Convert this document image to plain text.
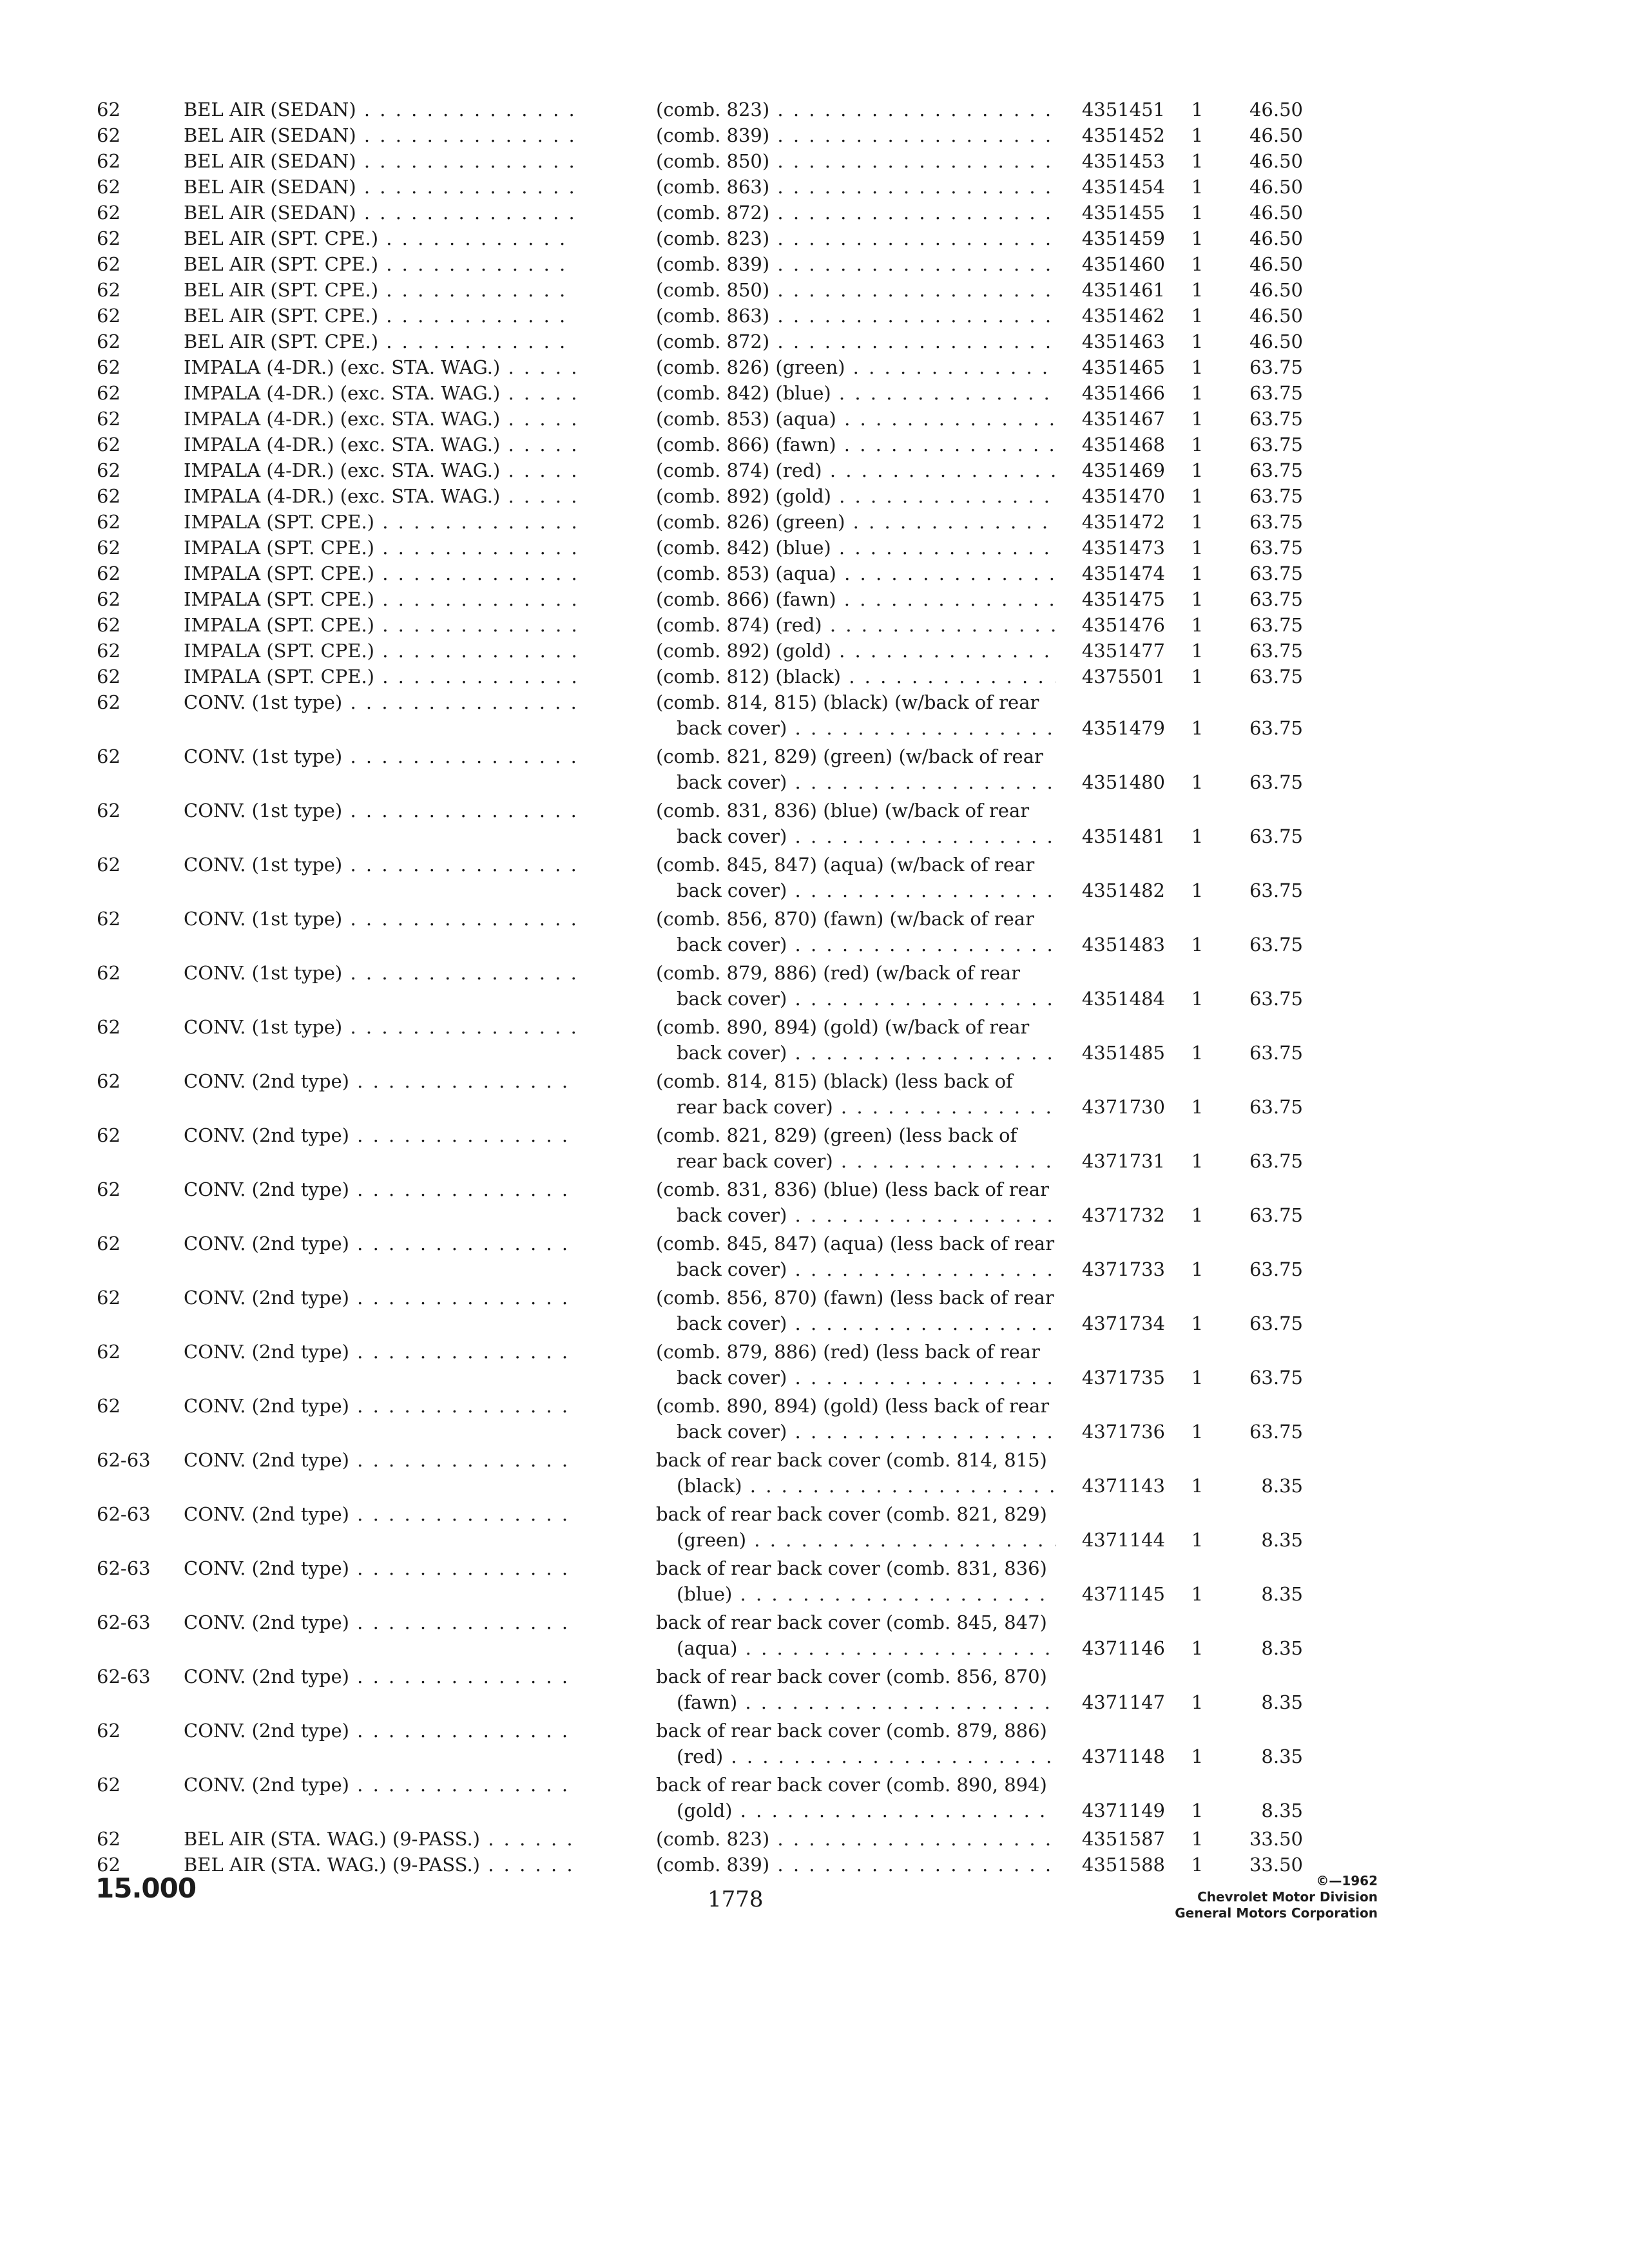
62	BEL AIR (SEDAN) . . .	(comb. 823) . . .	4351451 1	46.50
62	BEL AIR (SEDAN) . . .	(comb. 839) . . .	4351452 1	46.50
62	BEL AIR (SEDAN) . . .	(comb. 850) . . .	4351453 1	46.50
62	BEL AIR (SEDAN) . . .	(comb. 863) . . .	4351454 1	46.50
62	BEL AIR (SEDAN) . . .	(comb. 872) . . .	4351455 1	46.50
62	BEL AIR (SPT. CPE.) . . .	(comb. 823) . . .	4351459 1	46.50
62	BEL AIR (SPT. CPE.) . . .	(comb. 839) . . .	4351460 1	46.50
62	BEL AIR (SPT. CPE.) . . .	(comb. 850) . . .	4351461 1	46.50
62	BEL AIR (SPT. CPE.) . . .	(comb. 863) . . .	4351462 1	46.50
62	BEL AIR (SPT. CPE.) . . .	(comb. 872) . . .	4351463 1	46.50
62	IMPALA (4-DR.) (exc. STA. WAG.) . . .	(comb. 826) (green) . . .	4351465 1	63.75
62	IMPALA (4-DR.) (exc. STA. WAG.) . . .	(comb. 842) (blue) . . .	4351466 1	63.75
62	IMPALA (4-DR.) (exc. STA. WAG.) . . .	(comb. 853) (aqua) . . .	4351467 1	63.75
62	IMPALA (4-DR.) (exc. STA. WAG.) . . .	(comb. 866) (fawn) . . .	4351468 1	63.75
62	IMPALA (4-DR.) (exc. STA. WAG.) . . .	(comb. 874) (red) . . .	4351469 1	63.75
62	IMPALA (4-DR.) (exc. STA. WAG.) . . .	(comb. 892) (gold) . . .	4351470 1	63.75
62	IMPALA (SPT. CPE.) . . .	(comb. 826) (green) . . .	4351472 1	63.75
62	IMPALA (SPT. CPE.) . . .	(comb. 842) (blue) . . .	4351473 1	63.75
62	IMPALA (SPT. CPE.) . . .	(comb. 853) (aqua) . . .	4351474 1	63.75
62	IMPALA (SPT. CPE.) . . .	(comb. 866) (fawn) . . .	4351475 1	63.75
62	IMPALA (SPT. CPE.) . . .	(comb. 874) (red) . . .	4351476 1	63.75
62	IMPALA (SPT. CPE.) . . .	(comb. 892) (gold) . . .	4351477 1	63.75
62	IMPALA (SPT. CPE.) . . .	(comb. 812) (black) . . .	4375501 1	63.75
62	CONV. (1st type) . . .	(comb. 814, 815) (black) (w/back of rear
back cover) . . .	4351479 1	63.75
62	CONV. (1st type) . . .	(comb. 821, 829) (green) (w/back of rear
back cover) . . .	4351480 1	63.75
62	CONV. (1st type) . . .	(comb. 831, 836) (blue) (w/back of rear
back cover) . . .	4351481 1	63.75
62	CONV. (1st type) . . .	(comb. 845, 847) (aqua) (w/back of rear
back cover) . . .	4351482 1	63.75
62	CONV. (1st type) . . .	(comb. 856, 870) (fawn) (w/back of rear
back cover) . . .	4351483 1	63.75
62	CONV. (1st type) . . .	(comb. 879, 886) (red) (w/back of rear
back cover) . . .	4351484 1	63.75
62	CONV. (1st type) . . .	(comb. 890, 894) (gold) (w/back of rear
back cover) . . .	4351485 1	63.75
62	CONV. (2nd type) . . .	(comb. 814, 815) (black) (less back of
rear back cover) . . .	4371730 1	63.75
62	CONV. (2nd type) . . .	(comb. 821, 829) (green) (less back of
rear back cover) . . .	4371731 1	63.75
62	CONV. (2nd type) . . .	(comb. 831, 836) (blue) (less back of rear
back cover) . . .	4371732 1	63.75
62	CONV. (2nd type) . . .	(comb. 845, 847) (aqua) (less back of rear
back cover) . . .	4371733 1	63.75
62	CONV. (2nd type) . . .	(comb. 856, 870) (fawn) (less back of rear
back cover) . . .	4371734 1	63.75
62	CONV. (2nd type) . . .	(comb. 879, 886) (red) (less back of rear
back cover) . . .	4371735 1	63.75
62	CONV. (2nd type) . . .	(comb. 890, 894) (gold) (less back of rear
back cover) . . .	4371736 1	63.75
62-63 CONV. (2nd type) . . .	back of rear back cover (comb. 814, 815)
(black) . . .	4371143 1	8.35
62-63 CONV. (2nd type) . . .	back of rear back cover (comb. 821, 829)
(green) . . .	4371144 1	8.35
62-63 CONV. (2nd type) . . .	back of rear back cover (comb. 831, 836)
(blue) . . .	4371145 1	8.35
62-63 CONV. (2nd type) . . .	back of rear back cover (comb. 845, 847)
(aqua) . . .	4371146 1	8.35
62-63 CONV. (2nd type) . . .	back of rear back cover (comb. 856, 870)
(fawn) . . .	4371147 1	8.35
62	CONV. (2nd type) . . .	back of rear back cover (comb. 879, 886)
(red) . . .	4371148 1	8.35
62	CONV. (2nd type) . . .	back of rear back cover (comb. 890, 894)
(gold) . . .	4371149 1	8.35
62	BEL AIR (STA. WAG.) (9-PASS.) . . .	(comb. 823) . . .	4351587 1	33.50
62	BEL AIR (STA. WAG.) (9-PASS.) . . .	(comb. 839) . . .	4351588 1	33.50
15.000	1778
©—1962
Chevrolet Motor Division
General Motors Corporation
